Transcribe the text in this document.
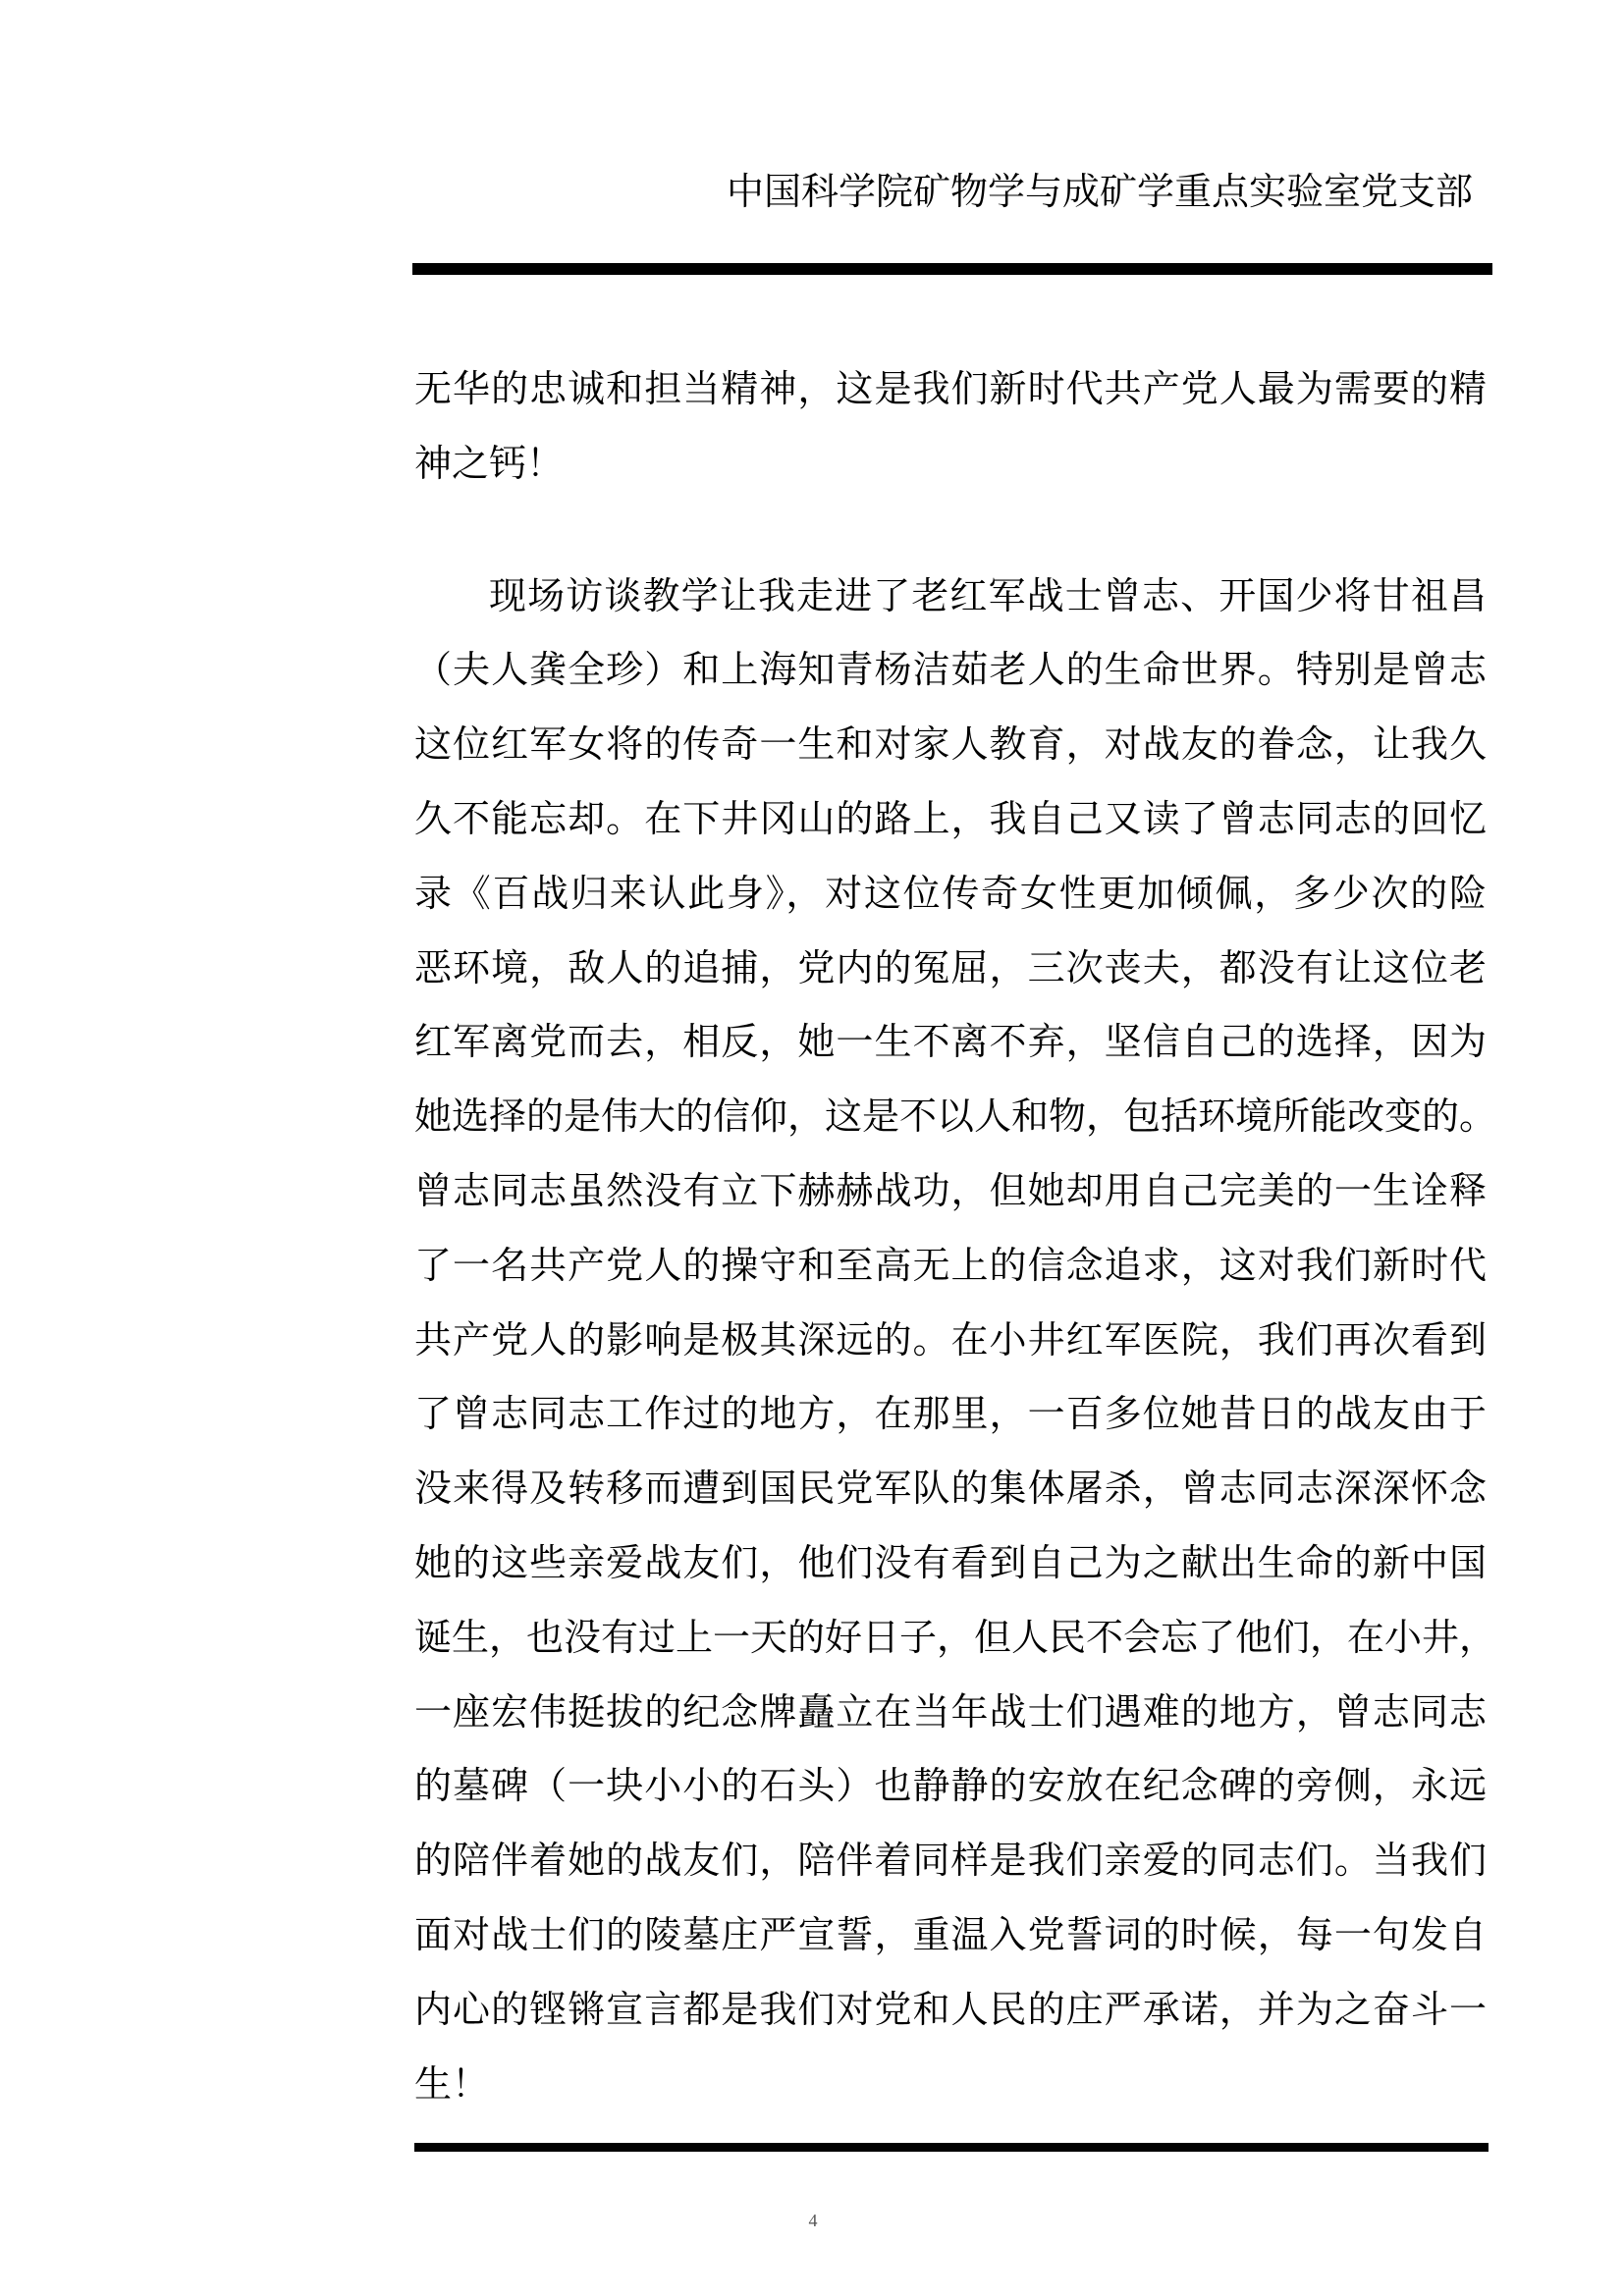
中国科学院矿物学与成矿学重点实验室党支部
无华的忠诚和担当精神，这是我们新时代共产党人最为需要的精
神之钙！
现场访谈教学让我走进了老红军战士曾志、开国少将甘祖昌
（夫人龚全珍）和上海知青杨洁茹老人的生命世界。特别是曾志
这位红军女将的传奇一生和对家人教育，对战友的眷念，让我久
久不能忘却。在下井冈山的路上，我自己又读了曾志同志的回忆
录《百战归来认此身》，对这位传奇女性更加倾佩，多少次的险
恶环境，敌人的追捕，党内的冤屈，三次丧夫，都没有让这位老
红军离党而去，相反，她一生不离不弃，坚信自己的选择，因为
她选择的是伟大的信仰，这是不以人和物，包括环境所能改变的。
曾志同志虽然没有立下赫赫战功，但她却用自己完美的一生诠释
了一名共产党人的操守和至高无上的信念追求，这对我们新时代
共产党人的影响是极其深远的。在小井红军医院，我们再次看到
了曾志同志工作过的地方，在那里，一百多位她昔日的战友由于
没来得及转移而遭到国民党军队的集体屠杀，曾志同志深深怀念
她的这些亲爱战友们，他们没有看到自己为之献出生命的新中国
诞生，也没有过上一天的好日子，但人民不会忘了他们，在小井，
一座宏伟挺拔的纪念牌矗立在当年战士们遇难的地方，曾志同志
的墓碑（一块小小的石头）也静静的安放在纪念碑的旁侧，永远
的陪伴着她的战友们，陪伴着同样是我们亲爱的同志们。当我们
面对战士们的陵墓庄严宣誓，重温入党誓词的时候，每一句发自
内心的铿锵宣言都是我们对党和人民的庄严承诺，并为之奋斗一
生！
4
